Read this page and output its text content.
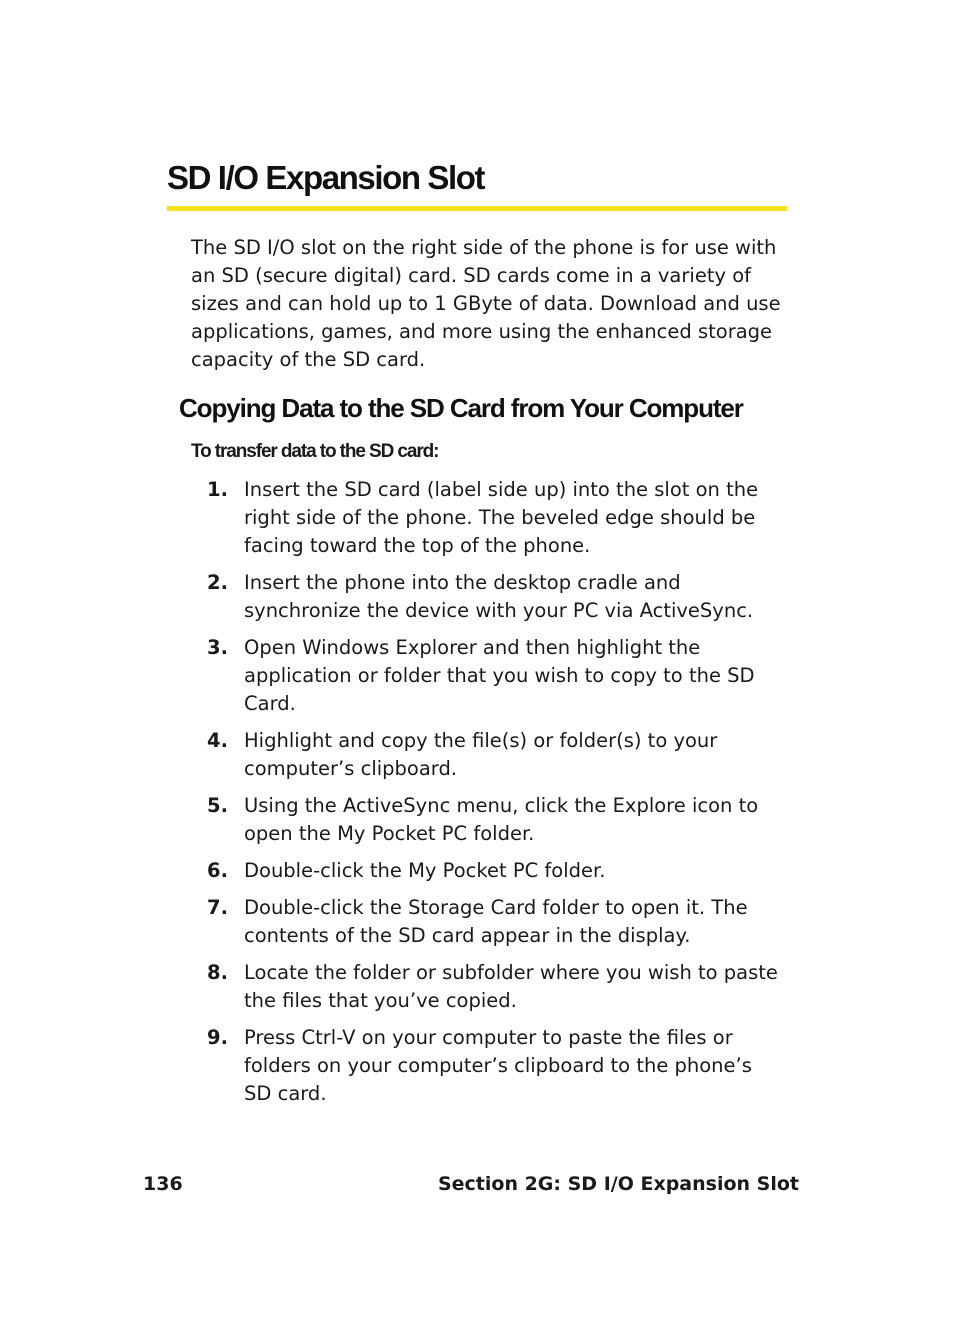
SD I/O Expansion Slot

The SD I/O slot on the right side of the phone is for use with an SD (secure digital) card. SD cards come in a variety of sizes and can hold up to 1 GByte of data. Download and use applications, games, and more using the enhanced storage capacity of the SD card.

Copying Data to the SD Card from Your Computer

To transfer data to the SD card:

1. Insert the SD card (label side up) into the slot on the right side of the phone. The beveled edge should be facing toward the top of the phone.
2. Insert the phone into the desktop cradle and synchronize the device with your PC via ActiveSync.
3. Open Windows Explorer and then highlight the application or folder that you wish to copy to the SD Card.
4. Highlight and copy the file(s) or folder(s) to your computer’s clipboard.
5. Using the ActiveSync menu, click the Explore icon to open the My Pocket PC folder.
6. Double-click the My Pocket PC folder.
7. Double-click the Storage Card folder to open it. The contents of the SD card appear in the display.
8. Locate the folder or subfolder where you wish to paste the files that you’ve copied.
9. Press Ctrl-V on your computer to paste the files or folders on your computer’s clipboard to the phone’s SD card.
136	Section 2G: SD I/O Expansion Slot
